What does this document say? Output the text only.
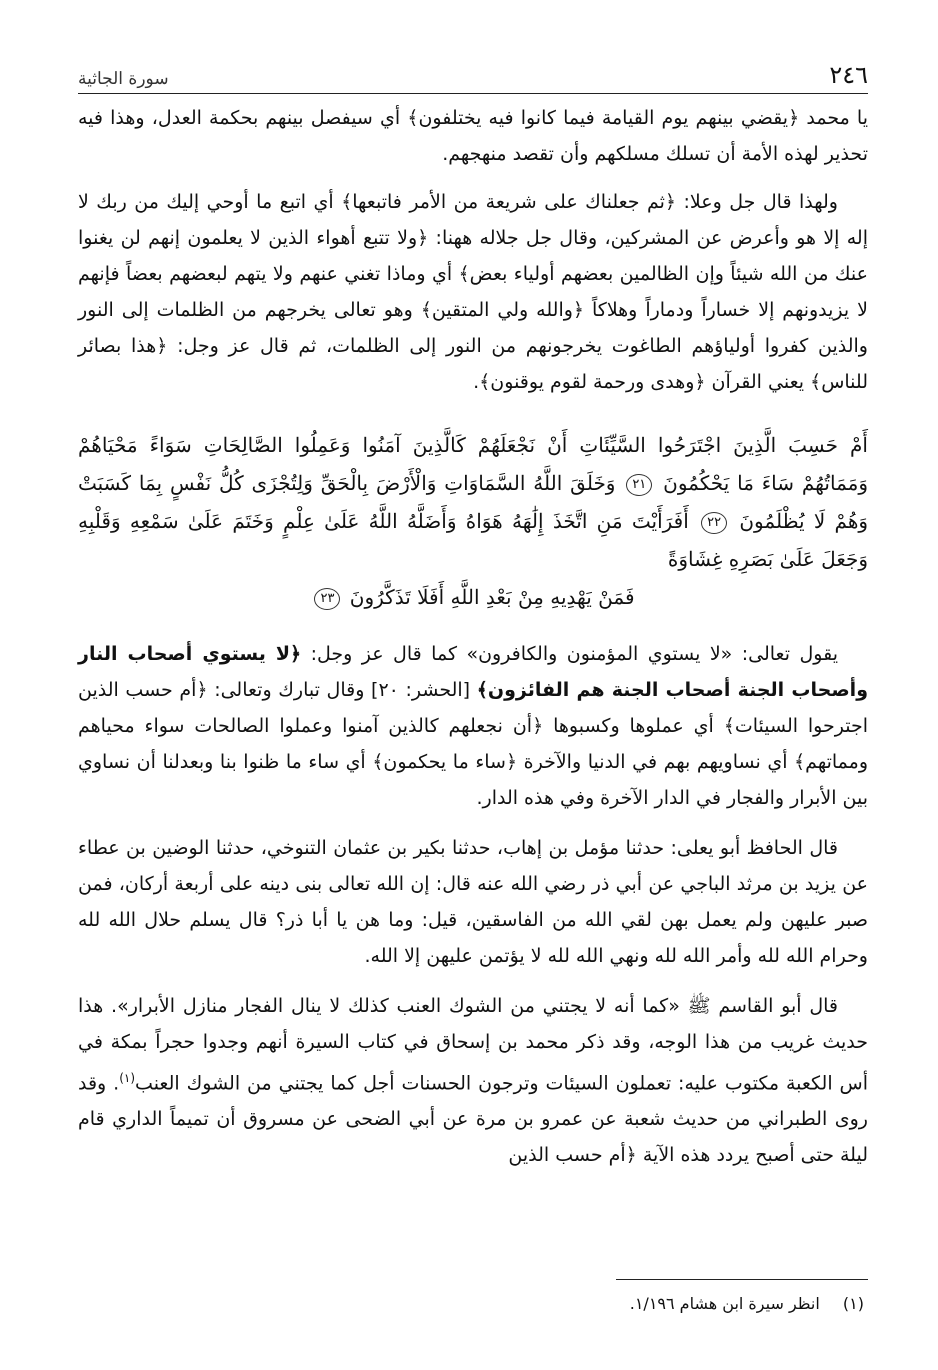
٢٤٦
سورة الجاثية

يا محمد ﴿يقضي بينهم يوم القيامة فيما كانوا فيه يختلفون﴾ أي سيفصل بينهم بحكمة العدل، وهذا فيه تحذير لهذه الأمة أن تسلك مسلكهم وأن تقصد منهجهم.

ولهذا قال جل وعلا: ﴿ثم جعلناك على شريعة من الأمر فاتبعها﴾ أي اتبع ما أوحي إليك من ربك لا إله إلا هو وأعرض عن المشركين، وقال جل جلاله ههنا: ﴿ولا تتبع أهواء الذين لا يعلمون إنهم لن يغنوا عنك من الله شيئاً وإن الظالمين بعضهم أولياء بعض﴾ أي وماذا تغني عنهم ولا يتهم لبعضهم بعضاً فإنهم لا يزيدونهم إلا خساراً ودماراً وهلاكاً ﴿والله ولي المتقين﴾ وهو تعالى يخرجهم من الظلمات إلى النور والذين كفروا أولياؤهم الطاغوت يخرجونهم من النور إلى الظلمات، ثم قال عز وجل: ﴿هذا بصائر للناس﴾ يعني القرآن ﴿وهدى ورحمة لقوم يوقنون﴾.

أَمْ حَسِبَ الَّذِينَ اجْتَرَحُوا السَّيِّئَاتِ أَنْ نَجْعَلَهُمْ كَالَّذِينَ آمَنُوا وَعَمِلُوا الصَّالِحَاتِ سَوَاءً مَحْيَاهُمْ وَمَمَاتُهُمْ سَاءَ مَا يَحْكُمُونَ ٢١ وَخَلَقَ اللَّهُ السَّمَاوَاتِ وَالْأَرْضَ بِالْحَقِّ وَلِتُجْزَى كُلُّ نَفْسٍ بِمَا كَسَبَتْ وَهُمْ لَا يُظْلَمُونَ ٢٢ أَفَرَأَيْتَ مَنِ اتَّخَذَ إِلَٰهَهُ هَوَاهُ وَأَضَلَّهُ اللَّهُ عَلَىٰ عِلْمٍ وَخَتَمَ عَلَىٰ سَمْعِهِ وَقَلْبِهِ وَجَعَلَ عَلَىٰ بَصَرِهِ غِشَاوَةً
فَمَنْ يَهْدِيهِ مِنْ بَعْدِ اللَّهِ أَفَلَا تَذَكَّرُونَ ٢٣

يقول تعالى: «لا يستوي المؤمنون والكافرون» كما قال عز وجل: ﴿لا يستوي أصحاب النار وأصحاب الجنة أصحاب الجنة هم الفائزون﴾ [الحشر: ٢٠] وقال تبارك وتعالى: ﴿أم حسب الذين اجترحوا السيئات﴾ أي عملوها وكسبوها ﴿أن نجعلهم كالذين آمنوا وعملوا الصالحات سواء محياهم ومماتهم﴾ أي نساويهم بهم في الدنيا والآخرة ﴿ساء ما يحكمون﴾ أي ساء ما ظنوا بنا وبعدلنا أن نساوي بين الأبرار والفجار في الدار الآخرة وفي هذه الدار.

قال الحافظ أبو يعلى: حدثنا مؤمل بن إهاب، حدثنا بكير بن عثمان التنوخي، حدثنا الوضين بن عطاء عن يزيد بن مرثد الباجي عن أبي ذر رضي الله عنه قال: إن الله تعالى بنى دينه على أربعة أركان، فمن صبر عليهن ولم يعمل بهن لقي الله من الفاسقين، قيل: وما هن يا أبا ذر؟ قال يسلم حلال الله لله وحرام الله لله وأمر الله لله ونهي الله لله لا يؤتمن عليهن إلا الله.

قال أبو القاسم ﷺ «كما أنه لا يجتني من الشوك العنب كذلك لا ينال الفجار منازل الأبرار». هذا حديث غريب من هذا الوجه، وقد ذكر محمد بن إسحاق في كتاب السيرة أنهم وجدوا حجراً بمكة في أس الكعبة مكتوب عليه: تعملون السيئات وترجون الحسنات أجل كما يجتني من الشوك العنب$^{(١)}$. وقد روى الطبراني من حديث شعبة عن عمرو بن مرة عن أبي الضحى عن مسروق أن تميماً الداري قام ليلة حتى أصبح يردد هذه الآية ﴿أم حسب الذين

(١) انظر سيرة ابن هشام ١/١٩٦.
